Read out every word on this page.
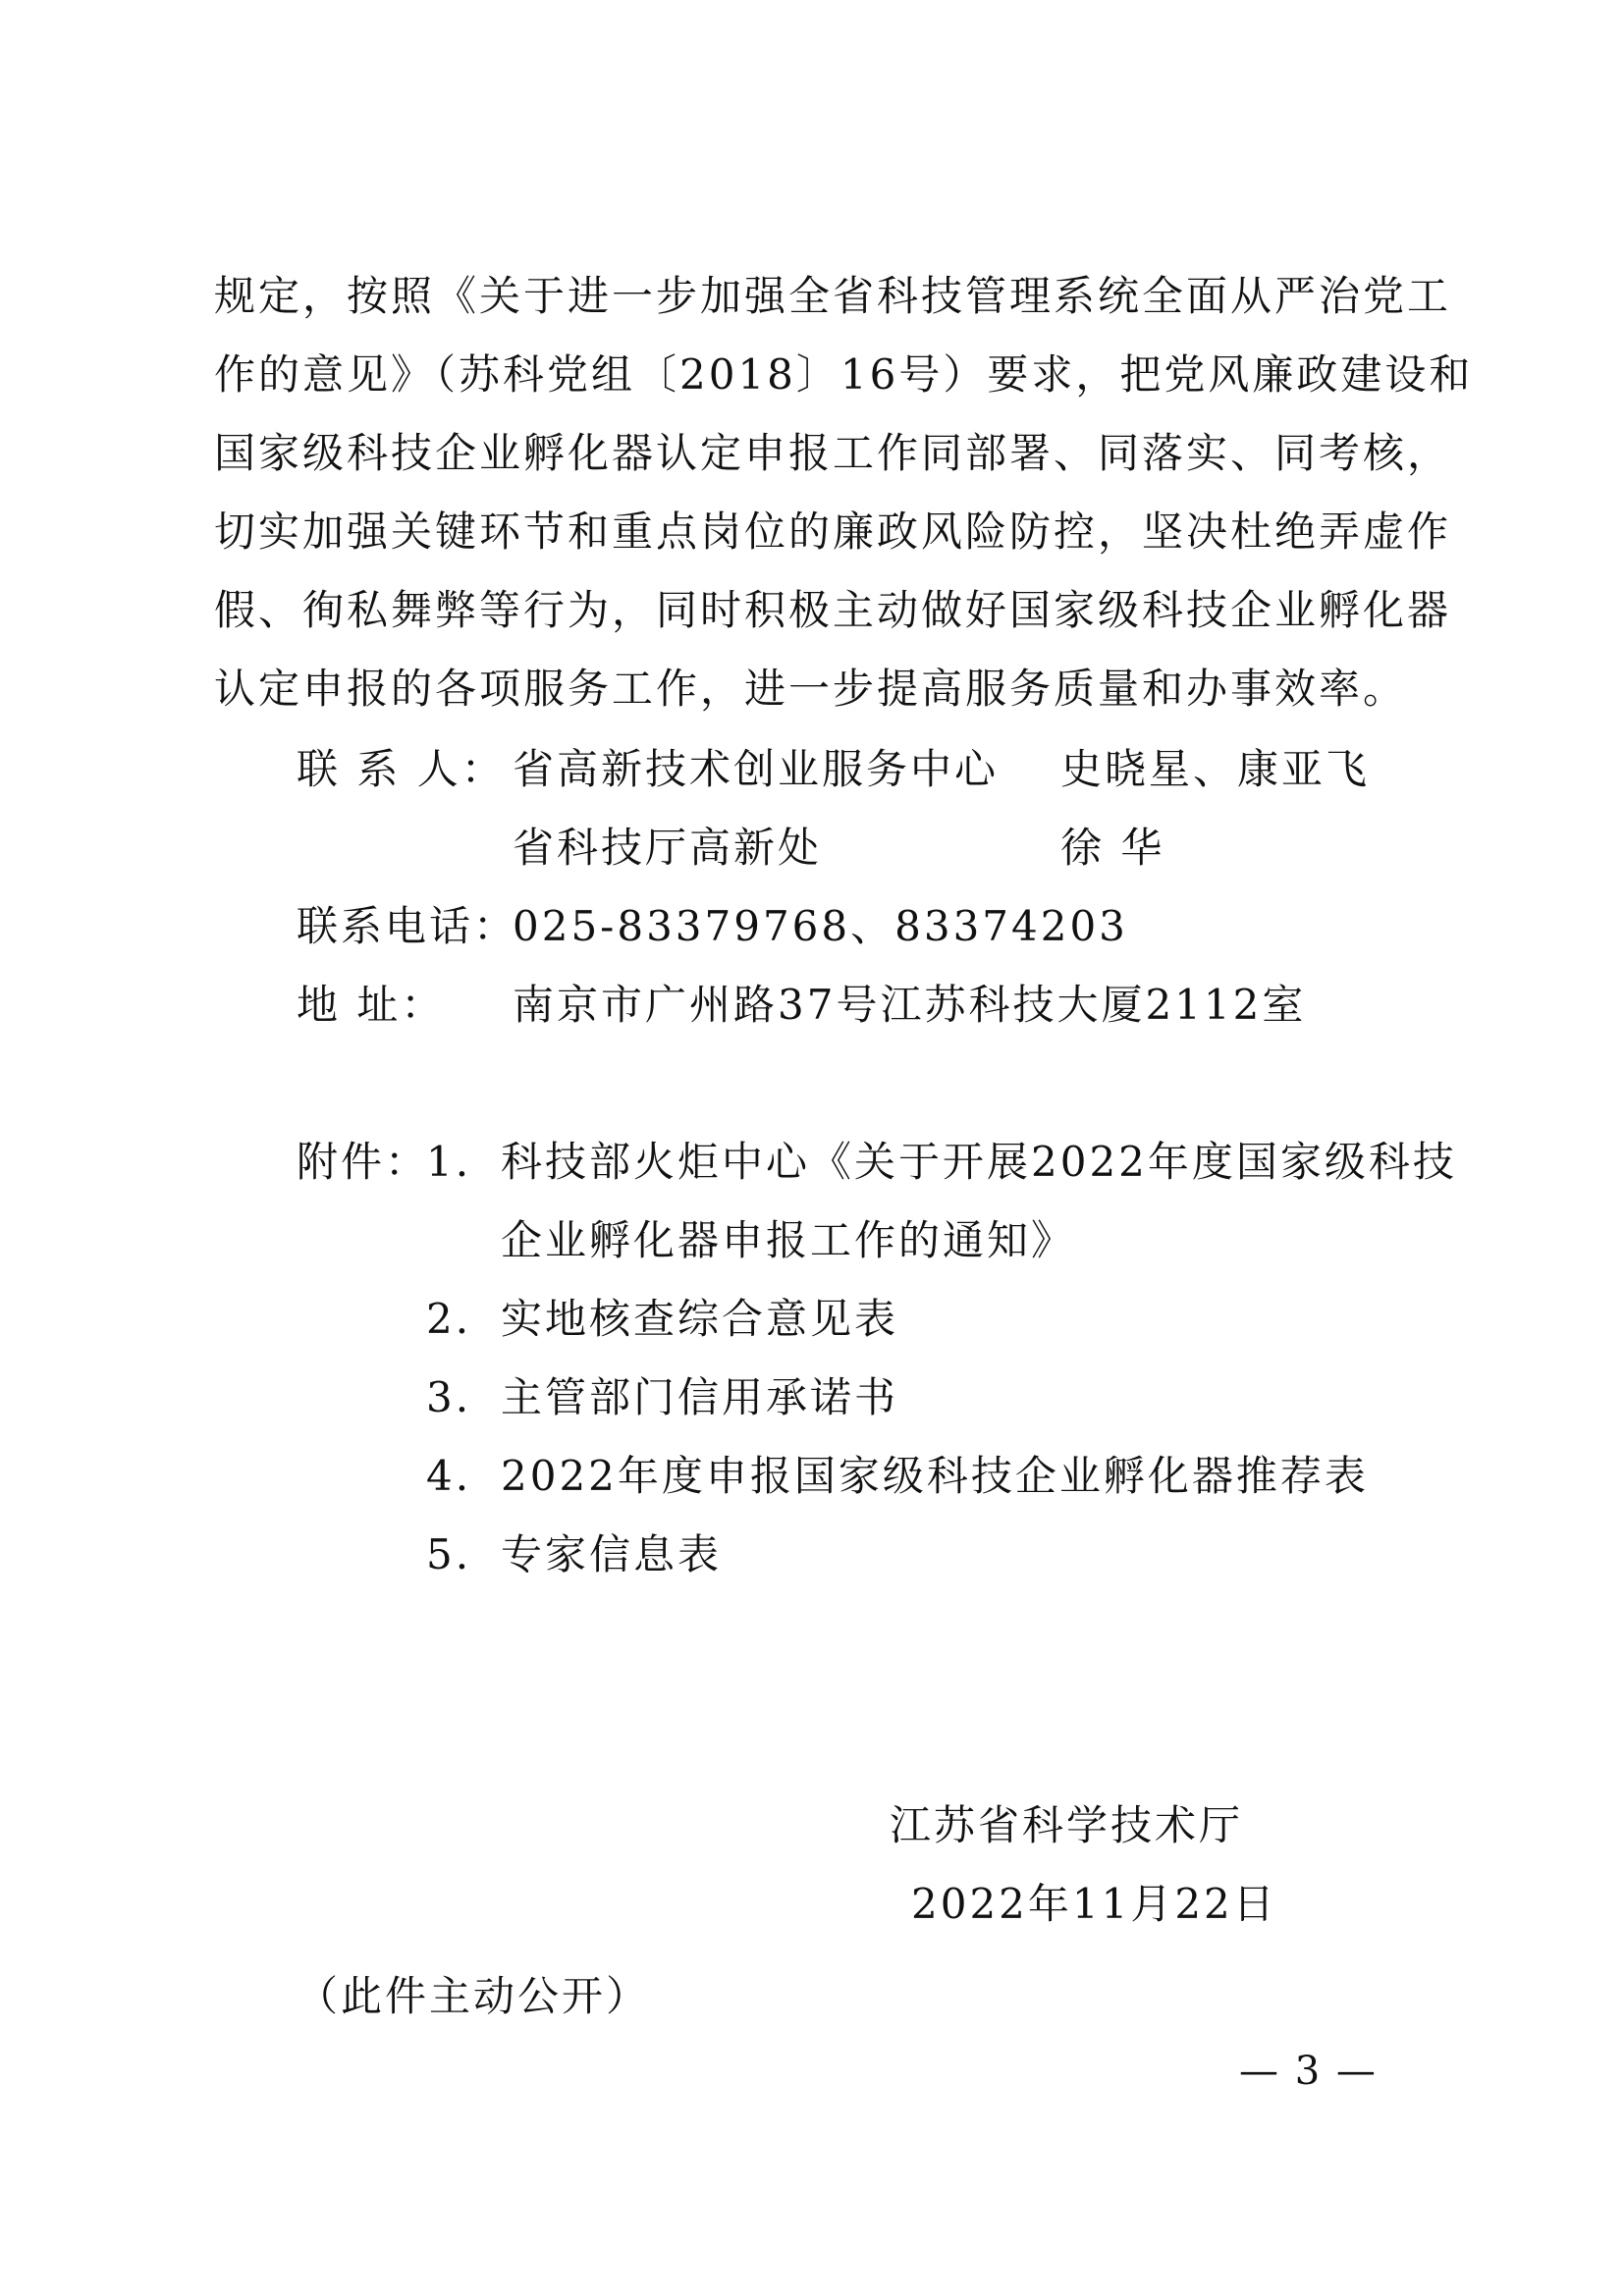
规定，按照《关于进一步加强全省科技管理系统全面从严治党工
作的意见》（苏科党组〔2018〕16号）要求，把党风廉政建设和
国家级科技企业孵化器认定申报工作同部署、同落实、同考核，
切实加强关键环节和重点岗位的廉政风险防控，坚决杜绝弄虚作
假、徇私舞弊等行为，同时积极主动做好国家级科技企业孵化器
认定申报的各项服务工作，进一步提高服务质量和办事效率。
联 系 人： 省高新技术创业服务中心 史晓星、康亚飞
省科技厅高新处	徐 华
联系电话：
025-83379768、83374203
地 址： 南京市广州路37号江苏科技大厦2112室
附件：
1. 科技部火炬中心《关于开展2022年度国家级科技
企业孵化器申报工作的通知》
2. 实地核查综合意见表
3. 主管部门信用承诺书
4. 2022年度申报国家级科技企业孵化器推荐表
5. 专家信息表
江苏省科学技术厅
2022年11月22日
（此件主动公开）
— 3 —
